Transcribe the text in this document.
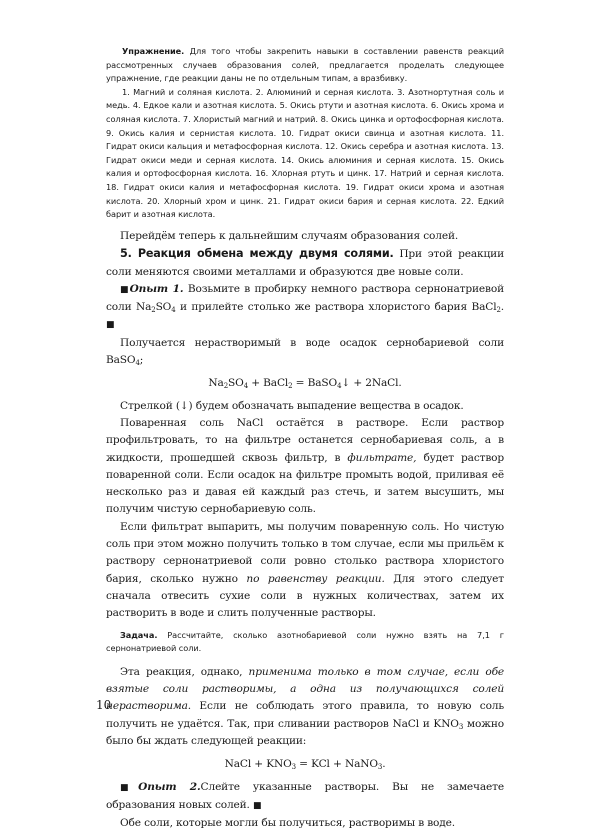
Упражнение. Для того чтобы закрепить навыки в составлении равенств реакций рассмотренных случаев образования солей, предлагается проделать следующее упражнение, где реакции даны не по отдельным типам, а вразбивку.

1. Магний и соляная кислота. 2. Алюминий и серная кислота. 3. Азотнортутная соль и медь. 4. Едкое кали и азотная кислота. 5. Окись ртути и азотная кислота. 6. Окись хрома и соляная кислота. 7. Хлористый магний и натрий. 8. Окись цинка и ортофосфорная кислота. 9. Окись калия и сернистая кислота. 10. Гидрат окиси свинца и азотная кислота. 11. Гидрат окиси кальция и метафосфорная кислота. 12. Окись серебра и азотная кислота. 13. Гидрат окиси меди и серная кислота. 14. Окись алюминия и серная кислота. 15. Окись калия и ортофосфорная кислота. 16. Хлорная ртуть и цинк. 17. Натрий и серная кислота. 18. Гидрат окиси калия и метафосфорная кислота. 19. Гидрат окиси хрома и азотная кислота. 20. Хлорный хром и цинк. 21. Гидрат окиси бария и серная кислота. 22. Едкий барит и азотная кислота.

Перейдём теперь к дальнейшим случаям образования солей.

5. Реакция обмена между двумя солями. При этой реакции соли меняются своими металлами и образуются две новые соли.

■Опыт 1. Возьмите в пробирку немного раствора сернонатриевой соли $Na_2SO_4$ и прилейте столько же раствора хлористого бария BaCl$_2$. ■

Получается нерастворимый в воде осадок сернобариевой соли BaSO$_4$;

$Na_2SO_4$ + BaCl$_2$ = BaSO$_4$↓ + 2NaCl.

Стрелкой (↓) будем обозначать выпадение вещества в осадок.

Поваренная соль NaCl остаётся в растворе. Если раствор профильтровать, то на фильтре останется сернобариевая соль, а в жидкости, прошедшей сквозь фильтр, в фильтрате, будет раствор поваренной соли. Если осадок на фильтре промыть водой, приливая её несколько раз и давая ей каждый раз стечь, и затем высушить, мы получим чистую сернобариевую соль.

Если фильтрат выпарить, мы получим поваренную соль. Но чистую соль при этом можно получить только в том случае, если мы прильём к раствору сернонатриевой соли ровно столько раствора хлористого бария, сколько нужно по равенству реакции. Для этого следует сначала отвесить сухие соли в нужных количествах, затем их растворить в воде и слить полученные растворы.

Задача. Рассчитайте, сколько азотнобариевой соли нужно взять на 7,1 г сернонатриевой соли.

Эта реакция, однако, применима только в том случае, если обе взятые соли растворимы, а одна из получающихся солей нерастворима. Если не соблюдать этого правила, то новую соль получить не удаётся. Так, при сливании растворов NaCl и $KNO_3$ можно было бы ждать следующей реакции:

NaCl + $KNO_3$ = KCl + NaNO$_3$.

■Опыт 2.Слейте указанные растворы. Вы не замечаете образования новых солей. ■

Обе соли, которые могли бы получиться, растворимы в воде.

10
